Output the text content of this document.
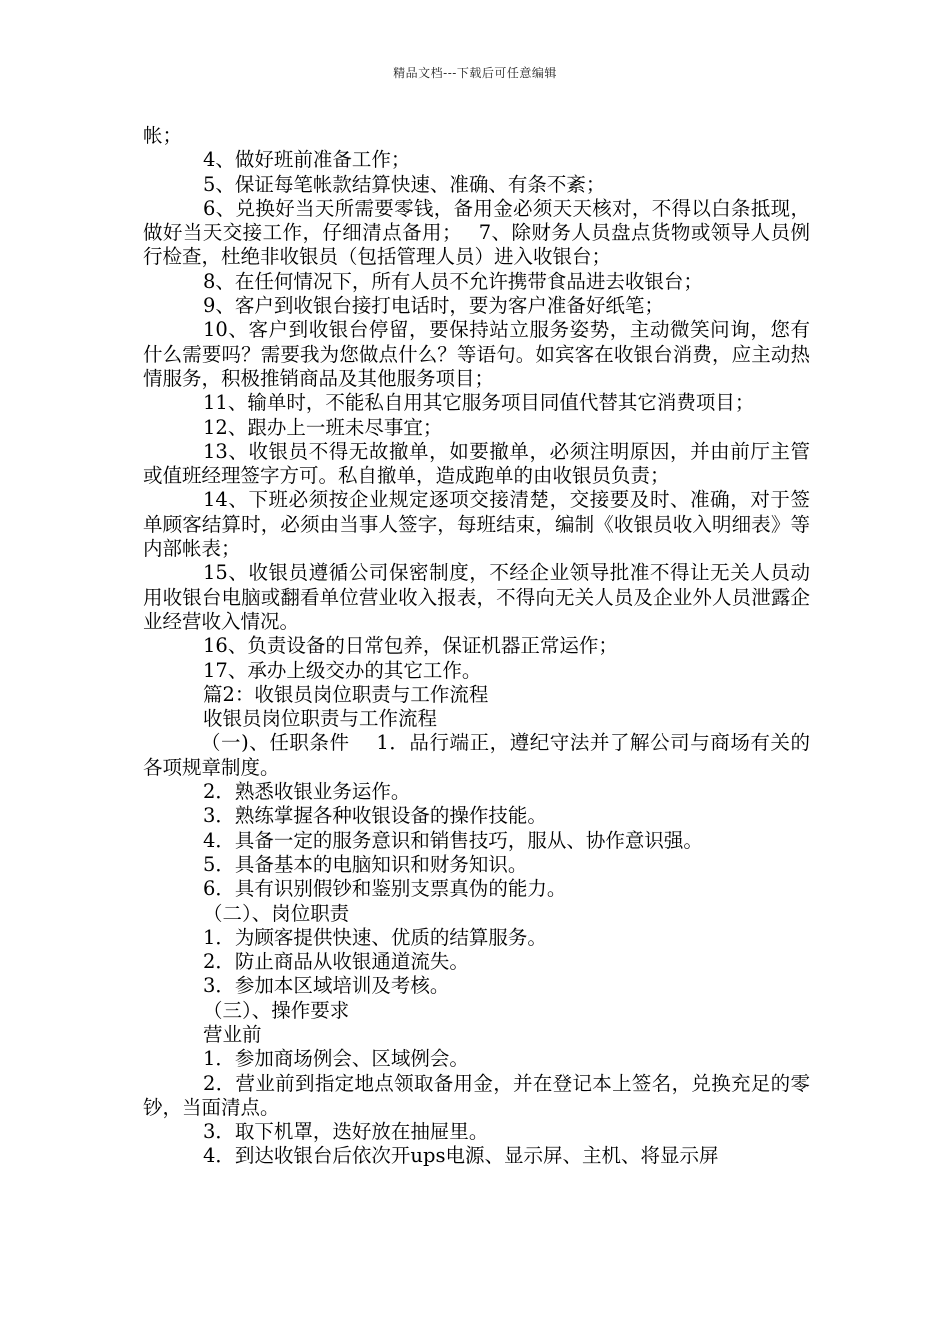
精品文档---下载后可任意编辑

帐；

4、做好班前准备工作；

5、保证每笔帐款结算快速、准确、有条不紊；

6、兑换好当天所需要零钱，备用金必须天天核对，不得以白条抵现，做好当天交接工作，仔细清点备用；　 7、除财务人员盘点货物或领导人员例行检查，杜绝非收银员（包括管理人员）进入收银台；

8、在任何情况下，所有人员不允许携带食品进去收银台；

9、客户到收银台接打电话时，要为客户准备好纸笔；

10、客户到收银台停留，要保持站立服务姿势，主动微笑问询，您有什么需要吗？需要我为您做点什么？等语句。如宾客在收银台消费，应主动热情服务，积极推销商品及其他服务项目；

11、输单时，不能私自用其它服务项目同值代替其它消费项目；

12、跟办上一班未尽事宜；

13、收银员不得无故撤单，如要撤单，必须注明原因，并由前厅主管或值班经理签字方可。私自撤单，造成跑单的由收银员负责；

14、下班必须按企业规定逐项交接清楚，交接要及时、准确，对于签单顾客结算时，必须由当事人签字，每班结束，编制《收银员收入明细表》等内部帐表；

15、收银员遵循公司保密制度，不经企业领导批准不得让无关人员动用收银台电脑或翻看单位营业收入报表，不得向无关人员及企业外人员泄露企业经营收入情况。

16、负责设备的日常包养，保证机器正常运作；

17、承办上级交办的其它工作。

篇2：收银员岗位职责与工作流程

收银员岗位职责与工作流程

（一)、任职条件　 1．品行端正，遵纪守法并了解公司与商场有关的各项规章制度。

2．熟悉收银业务运作。

3．熟练掌握各种收银设备的操作技能。

4．具备一定的服务意识和销售技巧，服从、协作意识强。

5．具备基本的电脑知识和财务知识。

6．具有识别假钞和鉴别支票真伪的能力。

（二）、岗位职责

1．为顾客提供快速、优质的结算服务。

2．防止商品从收银通道流失。

3．参加本区域培训及考核。

（三）、操作要求

营业前

1．参加商场例会、区域例会。

2．营业前到指定地点领取备用金，并在登记本上签名，兑换充足的零钞，当面清点。

3．取下机罩，迭好放在抽屉里。

4．到达收银台后依次开ups电源、显示屏、主机、将显示屏
